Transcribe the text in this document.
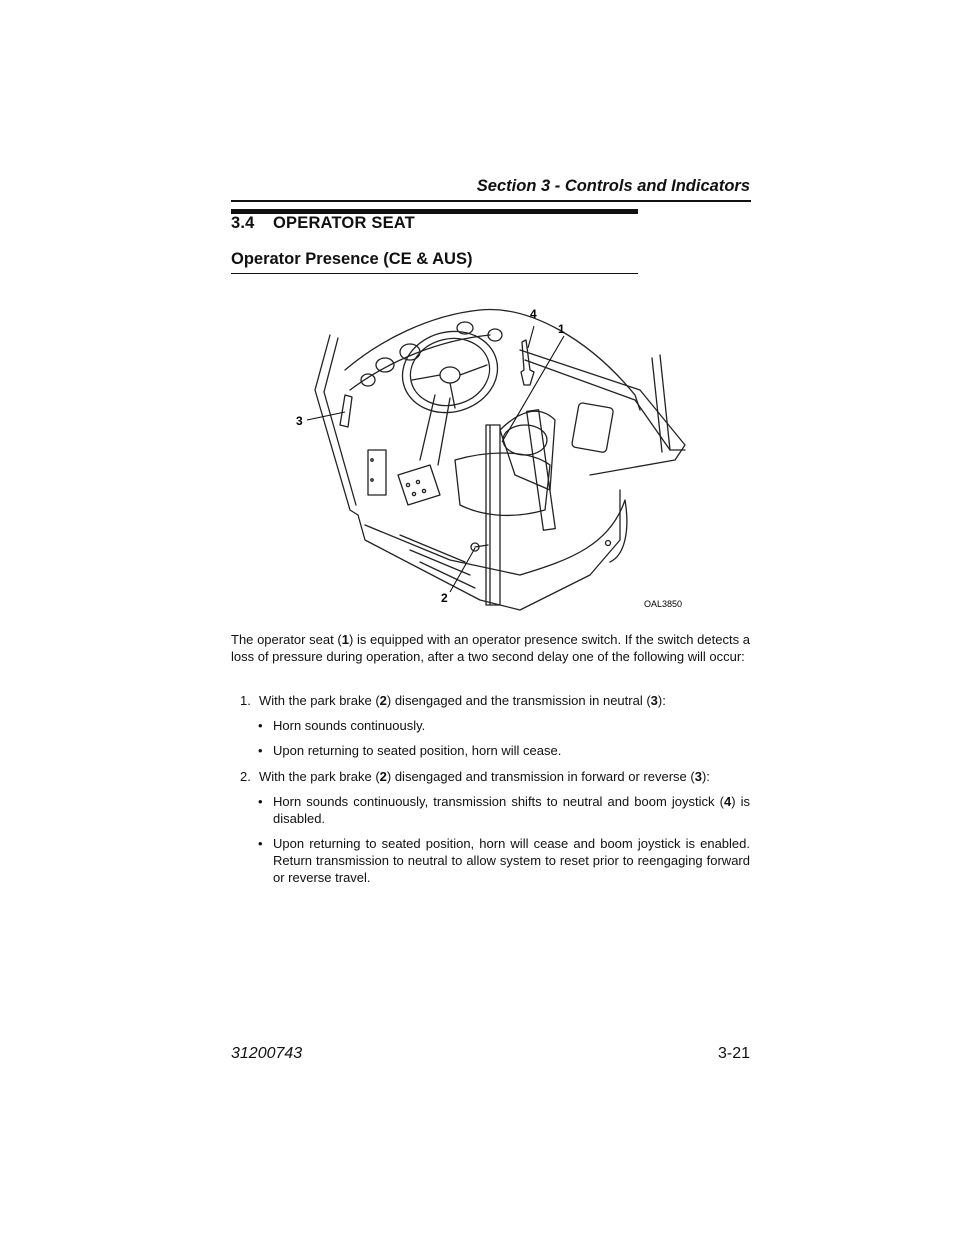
Section 3 - Controls and Indicators
3.4 OPERATOR SEAT
Operator Presence (CE & AUS)
4
1
3
2	OAL3850
The operator seat (1) is equipped with an operator presence switch. If the switch detects a loss of pressure during operation, after a two second delay one of the following will occur:
1. With the park brake (2) disengaged and the transmission in neutral (3):
• Horn sounds continuously.
• Upon returning to seated position, horn will cease.
2. With the park brake (2) disengaged and transmission in forward or reverse (3):
• Horn sounds continuously, transmission shifts to neutral and boom joystick (4) is disabled.
• Upon returning to seated position, horn will cease and boom joystick is enabled. Return transmission to neutral to allow system to reset prior to reengaging forward or reverse travel.
31200743	3-21
